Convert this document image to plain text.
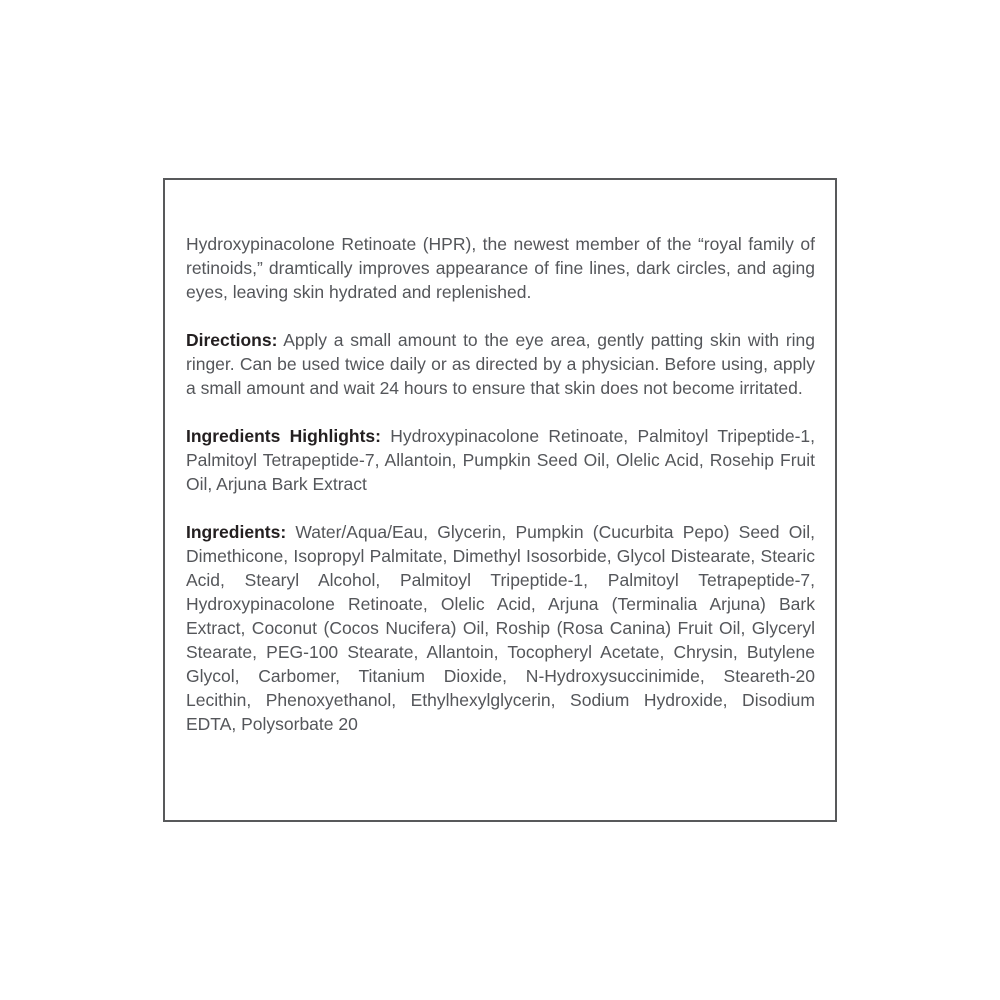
Hydroxypinacolone Retinoate (HPR), the newest member of the “royal family of retinoids,” dramtically improves appearance of fine lines, dark circles, and aging eyes, leaving skin hydrated and replenished.

Directions: Apply a small amount to the eye area, gently patting skin with ring ringer. Can be used twice daily or as directed by a physician. Before using, apply a small amount and wait 24 hours to ensure that skin does not become irritated.

Ingredients Highlights: Hydroxypinacolone Retinoate, Palmitoyl Tripeptide-1, Palmitoyl Tetrapeptide-7, Allantoin, Pumpkin Seed Oil, Olelic Acid, Rosehip Fruit Oil, Arjuna Bark Extract

Ingredients: Water/Aqua/Eau, Glycerin, Pumpkin (Cucurbita Pepo) Seed Oil, Dimethicone, Isopropyl Palmitate, Dimethyl Isosorbide, Glycol Distearate, Stearic Acid, Stearyl Alcohol, Palmitoyl Tripeptide-1, Palmitoyl Tetrapeptide-7, Hydroxypinacolone Retinoate, Olelic Acid, Arjuna (Terminalia Arjuna) Bark Extract, Coconut (Cocos Nucifera) Oil, Roship (Rosa Canina) Fruit Oil, Glyceryl Stearate, PEG-100 Stearate, Allantoin, Tocopheryl Acetate, Chrysin, Butylene Glycol, Carbomer, Titanium Dioxide, N-Hydroxysuccinimide, Steareth-20 Lecithin, Phenoxyethanol, Ethylhexylglycerin, Sodium Hydroxide, Disodium EDTA, Polysorbate 20
